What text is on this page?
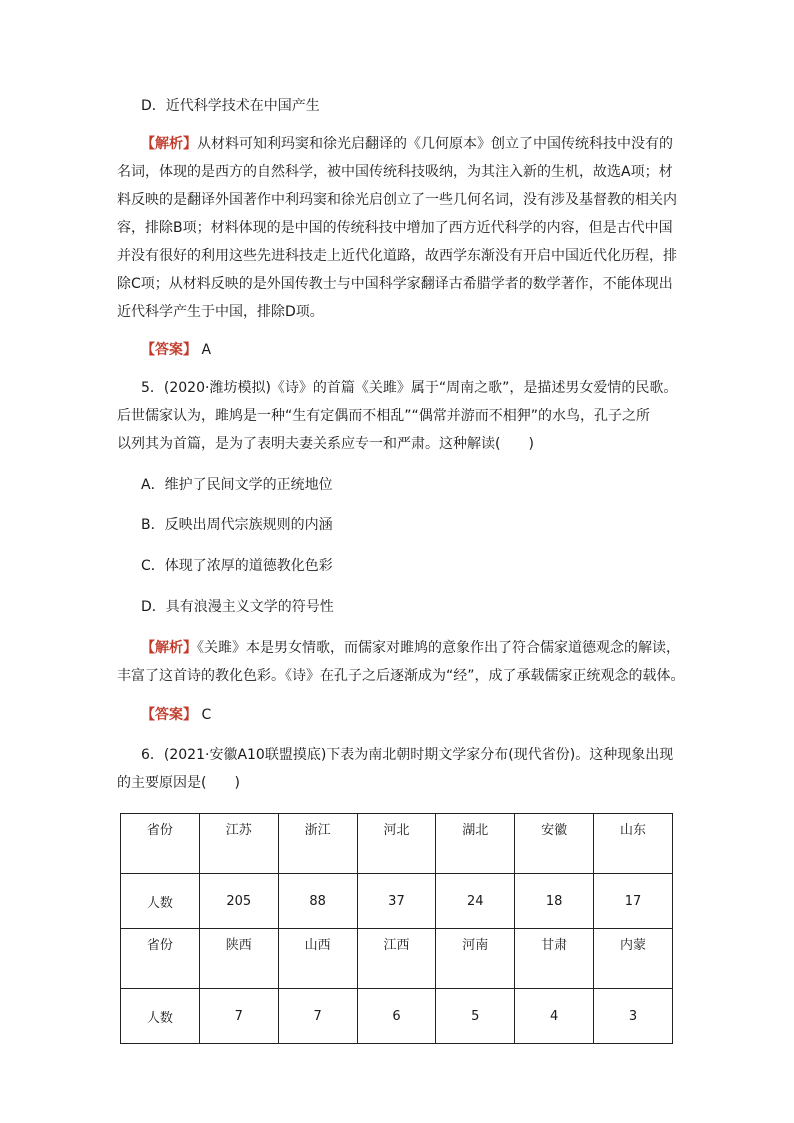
D．近代科学技术在中国产生
【解析】从材料可知利玛窦和徐光启翻译的《几何原本》创立了中国传统科技中没有的
名词，体现的是西方的自然科学，被中国传统科技吸纳，为其注入新的生机，故选A项；材
料反映的是翻译外国著作中利玛窦和徐光启创立了一些几何名词，没有涉及基督教的相关内
容，排除B项；材料体现的是中国的传统科技中增加了西方近代科学的内容，但是古代中国
并没有很好的利用这些先进科技走上近代化道路，故西学东渐没有开启中国近代化历程，排
除C项；从材料反映的是外国传教士与中国科学家翻译古希腊学者的数学著作，不能体现出
近代科学产生于中国，排除D项。
【答案】 A
5．(2020·潍坊模拟)《诗》的首篇《关雎》属于“周南之歌”，是描述男女爱情的民歌。
后世儒家认为，雎鸠是一种“生有定偶而不相乱”“偶常并游而不相狎”的水鸟，孔子之所
以列其为首篇，是为了表明夫妻关系应专一和严肃。这种解读(　　)
A．维护了民间文学的正统地位
B．反映出周代宗族规则的内涵
C．体现了浓厚的道德教化色彩
D．具有浪漫主义文学的符号性
【解析】《关雎》本是男女情歌，而儒家对雎鸠的意象作出了符合儒家道德观念的解读，
丰富了这首诗的教化色彩。《诗》在孔子之后逐渐成为“经”，成了承载儒家正统观念的载体。
【答案】 C
6．(2021·安徽A10联盟摸底)下表为南北朝时期文学家分布(现代省份)。这种现象出现
的主要原因是(　　)
省份	江苏	浙江	河北	湖北	安徽	山东
人数	205	88	37	24	18	17
省份	陕西	山西	江西	河南	甘肃	内蒙
人数	7	7	6	5	4	3
